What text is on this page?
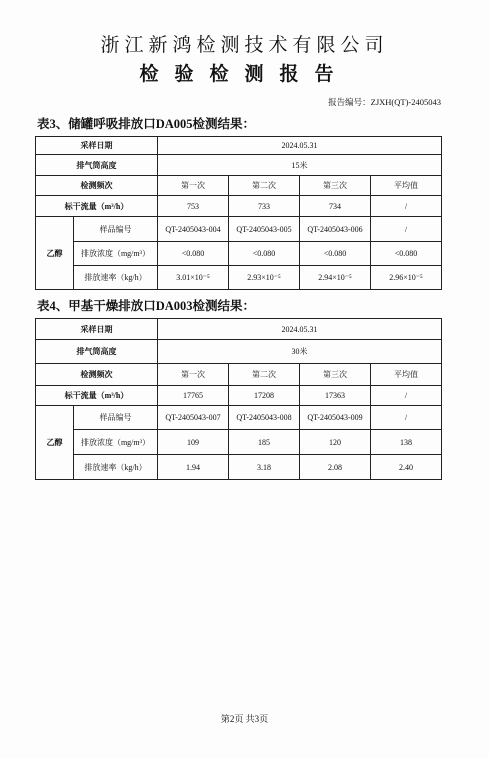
浙江新鸿检测技术有限公司
检验检测报告
报告编号：ZJXH(QT)-2405043
表3、储罐呼吸排放口DA005检测结果：
采样日期		2024.05.31			
排气筒高度		15米			
检测频次		第一次	第二次	第三次	平均值
标干流量（m³/h）		753	733	734	/
乙醇	样品编号	QT-2405043-004	QT-2405043-005	QT-2405043-006	/
	排放浓度（mg/m³）	<0.080	<0.080	<0.080	<0.080
	排放速率（kg/h）	3.01×10⁻⁵	2.93×10⁻⁵	2.94×10⁻⁵	2.96×10⁻⁵
表4、甲基干燥排放口DA003检测结果：
采样日期		2024.05.31			
排气筒高度		30米			
检测频次		第一次	第二次	第三次	平均值
标干流量（m³/h）		17765	17208	17363	/
乙醇	样品编号	QT-2405043-007	QT-2405043-008	QT-2405043-009	/
	排放浓度（mg/m³）	109	185	120	138
	排放速率（kg/h）	1.94	3.18	2.08	2.40
第2页 共3页
